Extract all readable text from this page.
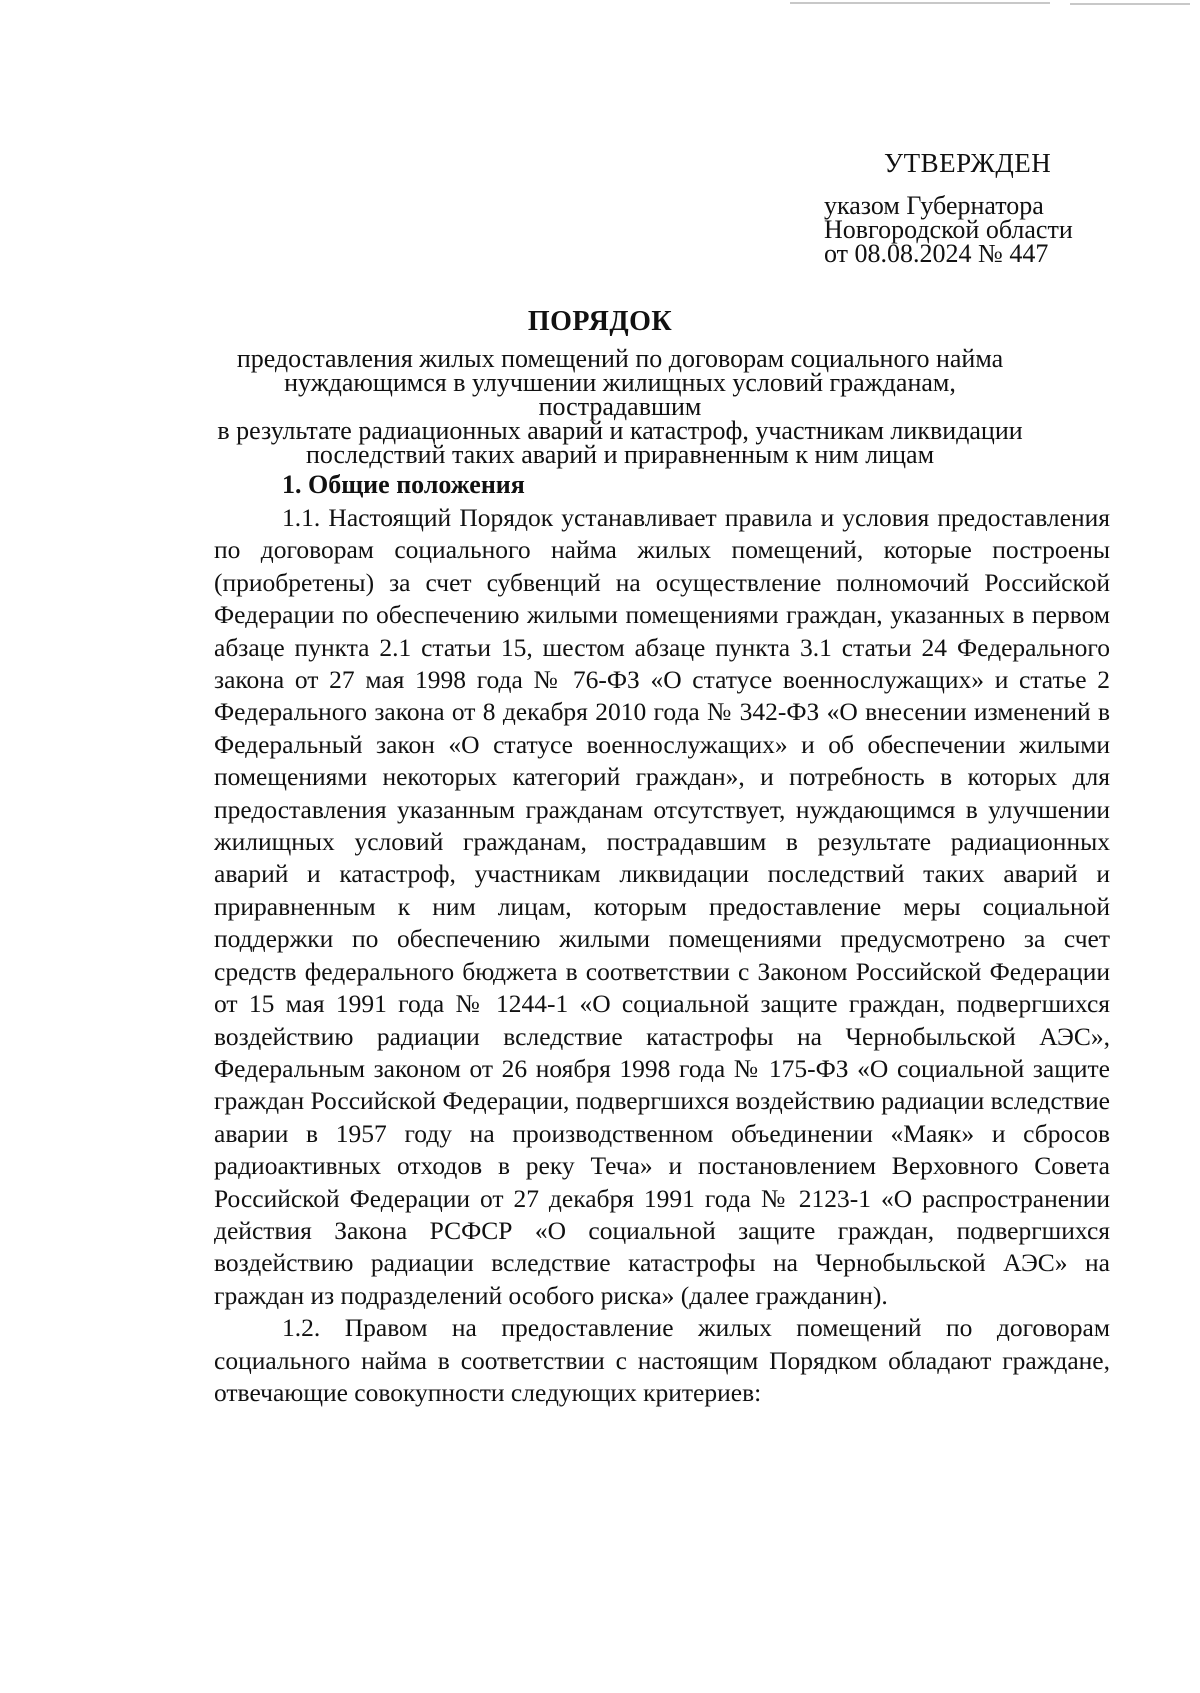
УТВЕРЖДЕН
указом Губернатора
Новгородской области
от 08.08.2024 № 447
ПОРЯДОК
предоставления жилых помещений по договорам социального найма
нуждающимся в улучшении жилищных условий гражданам, пострадавшим
в результате радиационных аварий и катастроф, участникам ликвидации
последствий таких аварий и приравненным к ним лицам
1. Общие положения

1.1. Настоящий Порядок устанавливает правила и условия предоставления по договорам социального найма жилых помещений, которые построены (приобретены) за счет субвенций на осуществление полномочий Российской Федерации по обеспечению жилыми помещениями граждан, указанных в первом абзаце пункта 2.1 статьи 15, шестом абзаце пункта 3.1 статьи 24 Федерального закона от 27 мая 1998 года № 76-ФЗ «О статусе военнослужащих» и статье 2 Федерального закона от 8 декабря 2010 года № 342-ФЗ «О внесении изменений в Федеральный закон «О статусе военнослужащих» и об обеспечении жилыми помещениями некоторых категорий граждан», и потребность в которых для предоставления указанным гражданам отсутствует, нуждающимся в улучшении жилищных условий гражданам, пострадавшим в результате радиационных аварий и катастроф, участникам ликвидации последствий таких аварий и приравненным к ним лицам, которым предоставление меры социальной поддержки по обеспечению жилыми помещениями предусмотрено за счет средств федерального бюджета в соответствии с Законом Российской Федерации от 15 мая 1991 года № 1244-1 «О социальной защите граждан, подвергшихся воздействию радиации вследствие катастрофы на Чернобыльской АЭС», Федеральным законом от 26 ноября 1998 года № 175-ФЗ «О социальной защите граждан Российской Федерации, подвергшихся воздействию радиации вследствие аварии в 1957 году на производственном объединении «Маяк» и сбросов радиоактивных отходов в реку Теча» и постановлением Верховного Совета Российской Федерации от 27 декабря 1991 года № 2123-1 «О распространении действия Закона РСФСР «О социальной защите граждан, подвергшихся воздействию радиации вследствие катастрофы на Чернобыльской АЭС» на граждан из подразделений особого риска» (далее гражданин).

1.2. Правом на предоставление жилых помещений по договорам социального найма в соответствии с настоящим Порядком обладают граждане, отвечающие совокупности следующих критериев:
